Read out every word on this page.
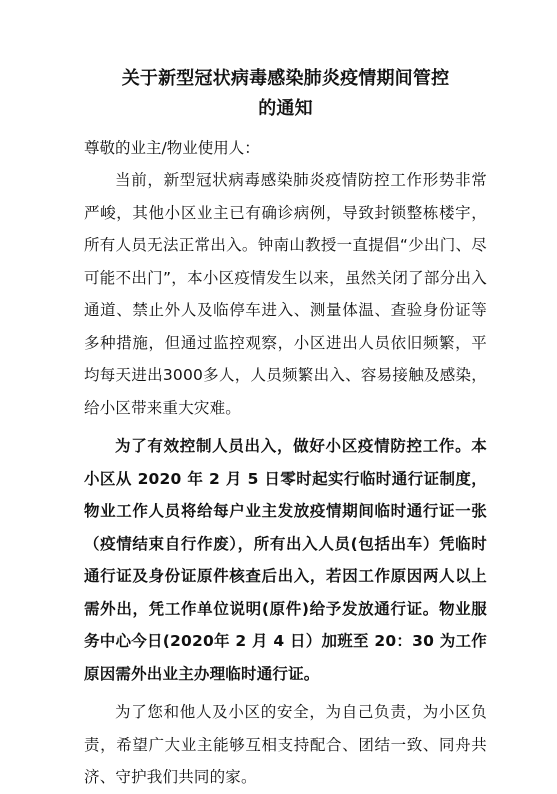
关于新型冠状病毒感染肺炎疫情期间管控
的通知

尊敬的业主/物业使用人：

当前，新型冠状病毒感染肺炎疫情防控工作形势非常严峻，其他小区业主已有确诊病例，导致封锁整栋楼宇，所有人员无法正常出入。钟南山教授一直提倡“少出门、尽可能不出门”，本小区疫情发生以来，虽然关闭了部分出入通道、禁止外人及临停车进入、测量体温、查验身份证等多种措施，但通过监控观察，小区进出人员依旧频繁，平均每天进出3000多人，人员频繁出入、容易接触及感染，给小区带来重大灾难。

为了有效控制人员出入，做好小区疫情防控工作。本小区从 2020 年 2 月 5 日零时起实行临时通行证制度，物业工作人员将给每户业主发放疫情期间临时通行证一张（疫情结束自行作废），所有出入人员(包括出车）凭临时通行证及身份证原件核查后出入，若因工作原因两人以上需外出，凭工作单位说明(原件)给予发放通行证。物业服务中心今日(2020年 2 月 4 日）加班至 20：30 为工作原因需外出业主办理临时通行证。

为了您和他人及小区的安全，为自己负责，为小区负责，希望广大业主能够互相支持配合、团结一致、同舟共济、守护我们共同的家。
